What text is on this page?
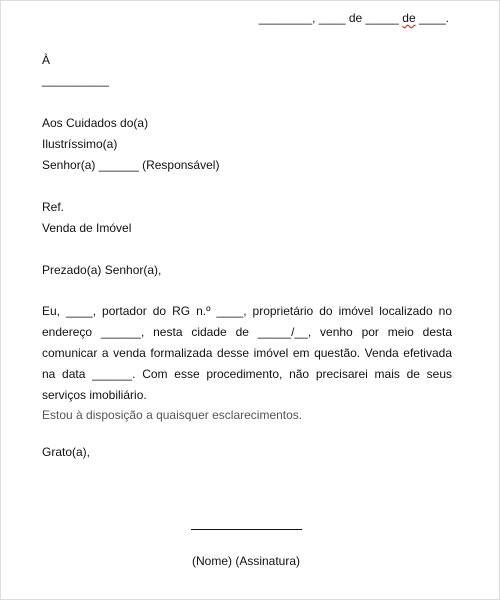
________, ____ de _____ de ____.
À
__________
Aos Cuidados do(a)
Ilustríssimo(a)
Senhor(a) ______ (Responsável)
Ref.
Venda de Imóvel
Prezado(a) Senhor(a),
Eu, ____, portador do RG n.º ____, proprietário do imóvel localizado no endereço ______, nesta cidade de _____/__, venho por meio desta comunicar a venda formalizada desse imóvel em questão. Venda efetivada na data ______. Com esse procedimento, não precisarei mais de seus serviços imobiliário.
Estou à disposição a quaisquer esclarecimentos.
Grato(a),
(Nome) (Assinatura)
